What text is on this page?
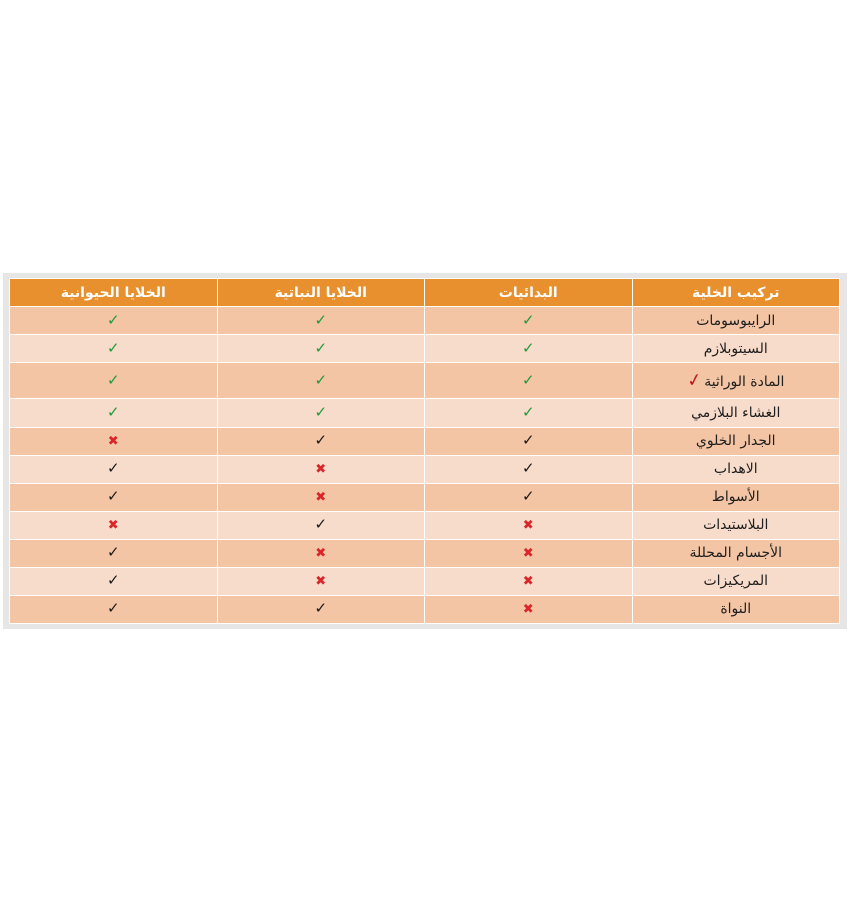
تركيب الخلية	البدائيات	الخلايا النباتية	الخلايا الحيوانية
الرايبوسومات	✓	✓	✓
السيتوبلازم	✓	✓	✓
المادة الوراثية✓	✓	✓	✓
الغشاء البلازمي	✓	✓	✓
الجدار الخلوي	✓	✓	✖
الاهداب	✓	✖	✓
الأسواط	✓	✖	✓
البلاستيدات	✖	✓	✖
الأجسام المحللة	✖	✖	✓
المريكيزات	✖	✖	✓
النواة	✖	✓	✓
